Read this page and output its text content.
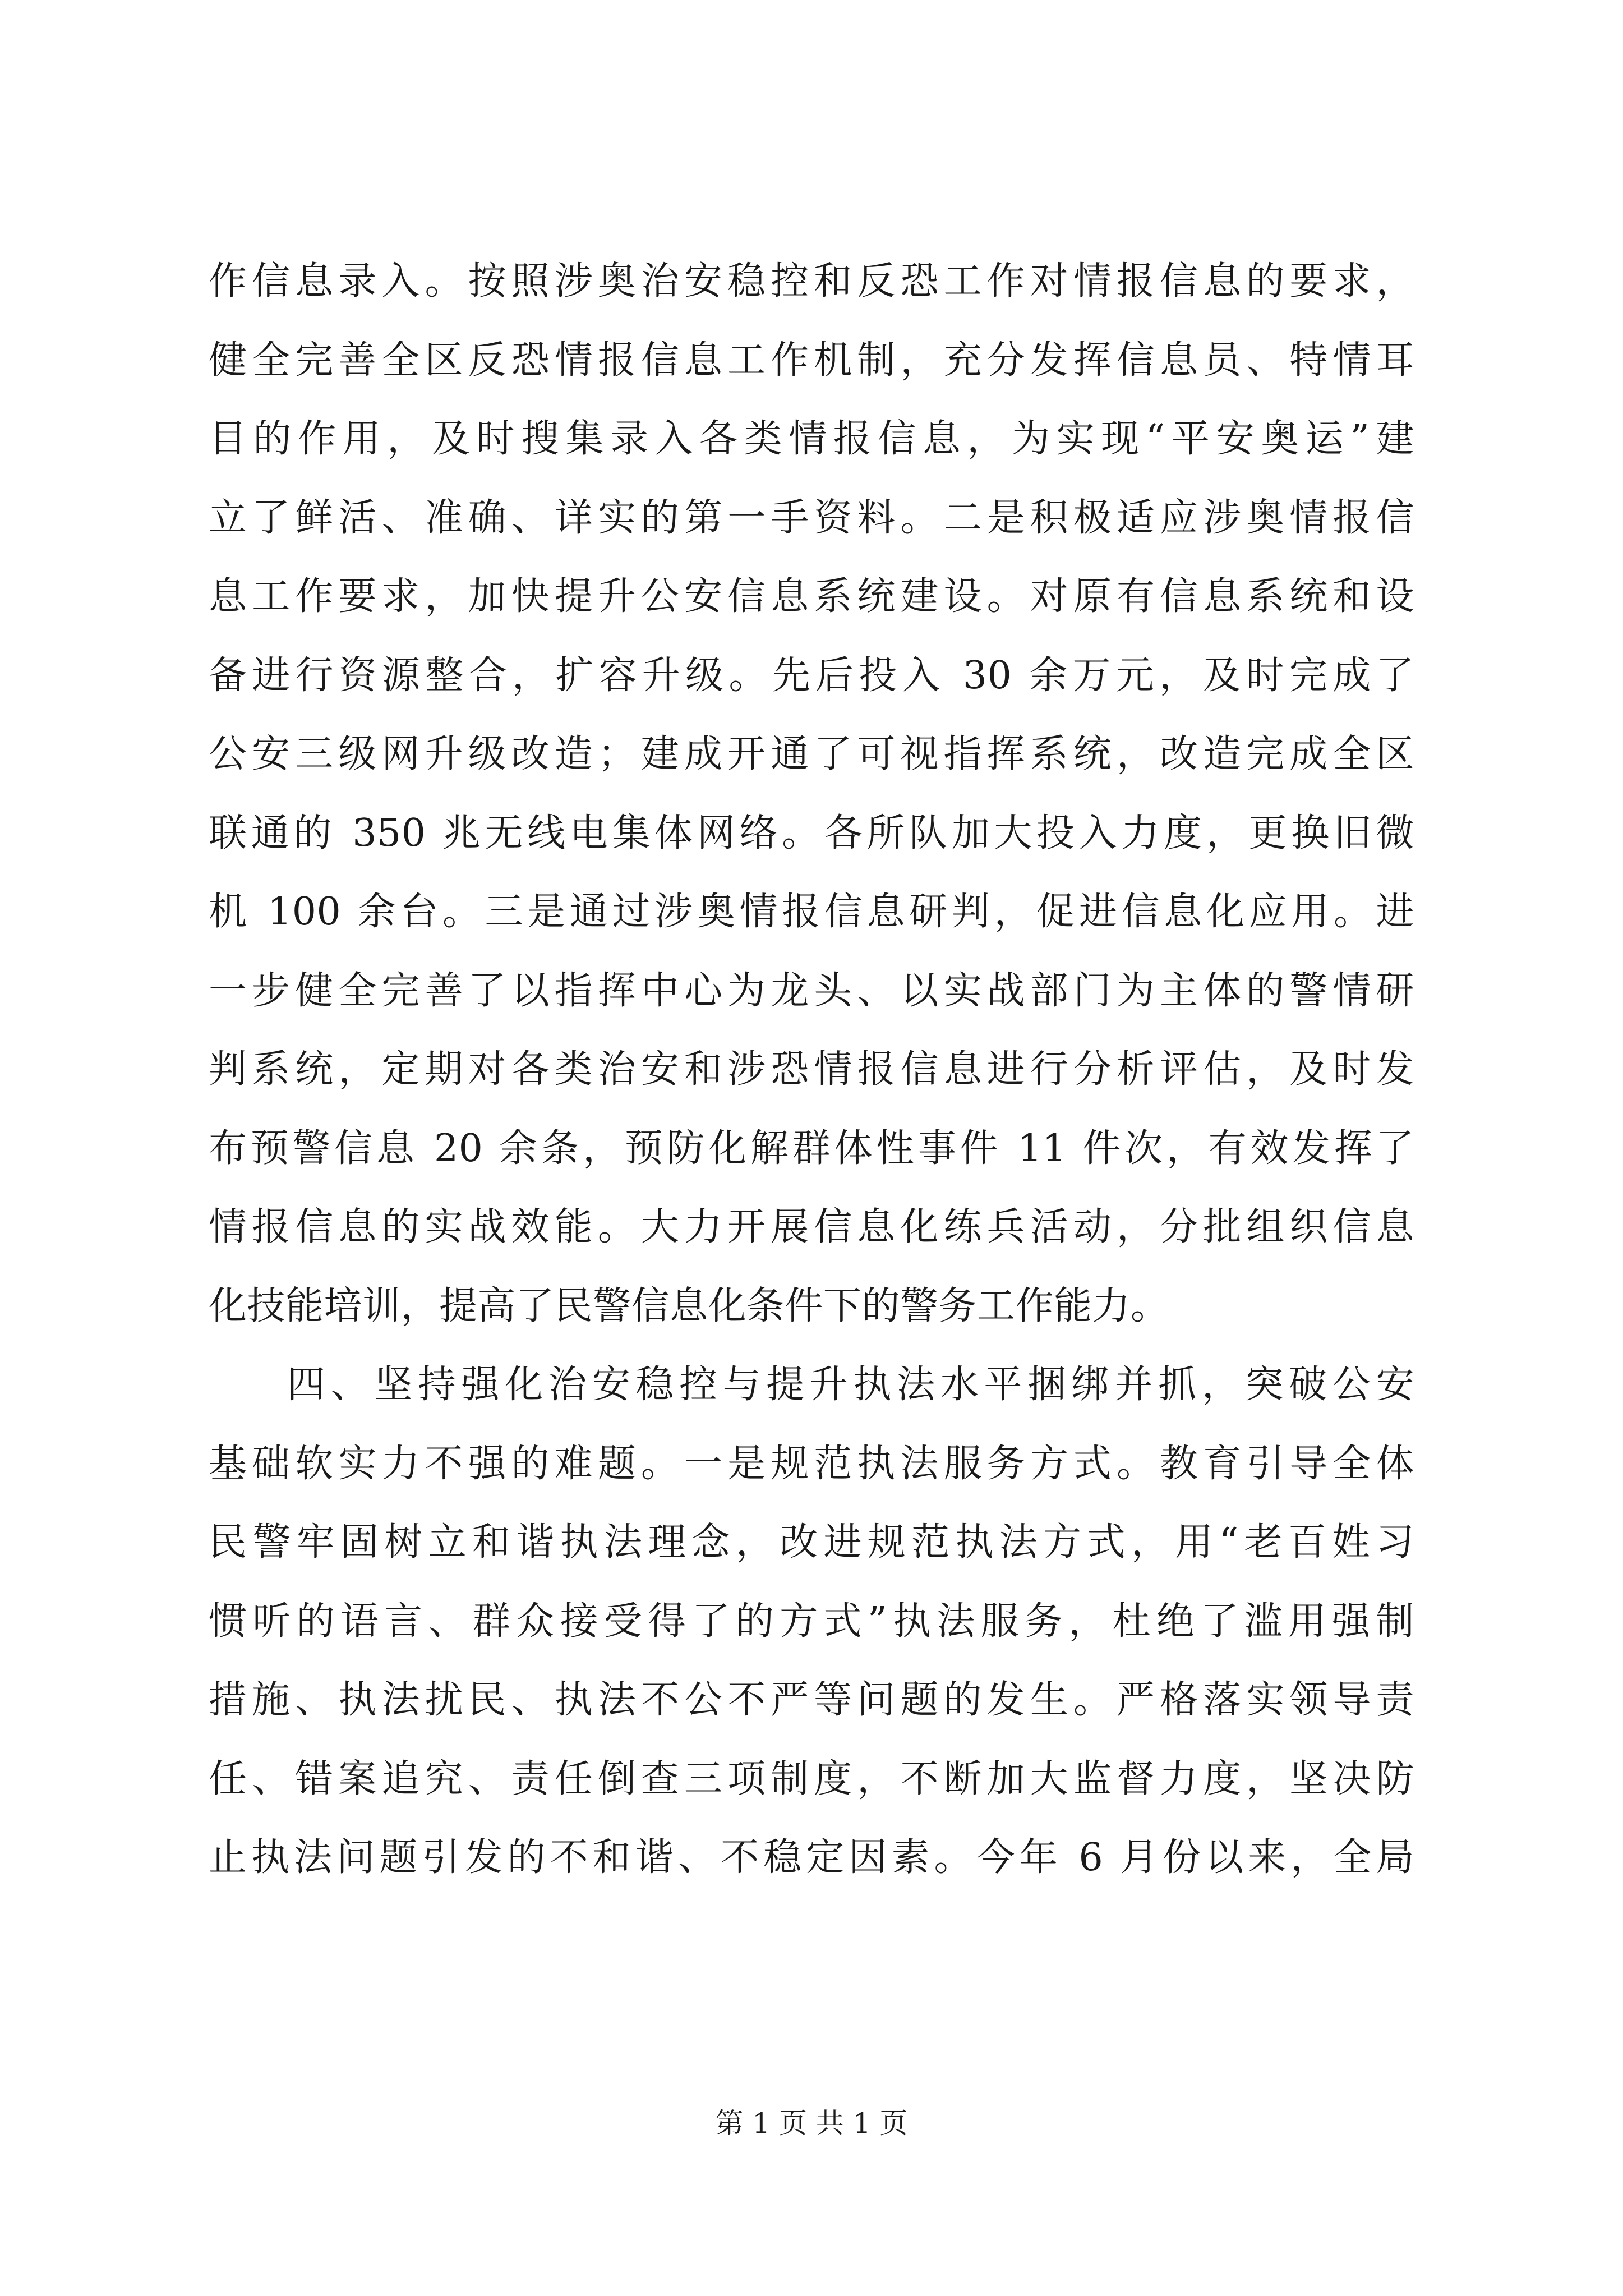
作信息录入。按照涉奥治安稳控和反恐工作对情报信息的要求，
健全完善全区反恐情报信息工作机制，充分发挥信息员、特情耳
目的作用，及时搜集录入各类情报信息，为实现“平安奥运”建
立了鲜活、准确、详实的第一手资料。二是积极适应涉奥情报信
息工作要求，加快提升公安信息系统建设。对原有信息系统和设
备进行资源整合，扩容升级。先后投入 30 余万元，及时完成了
公安三级网升级改造；建成开通了可视指挥系统，改造完成全区
联通的 350 兆无线电集体网络。各所队加大投入力度，更换旧微
机 100 余台。三是通过涉奥情报信息研判，促进信息化应用。进
一步健全完善了以指挥中心为龙头、以实战部门为主体的警情研
判系统，定期对各类治安和涉恐情报信息进行分析评估，及时发
布预警信息 20 余条，预防化解群体性事件 11 件次，有效发挥了
情报信息的实战效能。大力开展信息化练兵活动，分批组织信息
化技能培训，提高了民警信息化条件下的警务工作能力。
四、坚持强化治安稳控与提升执法水平捆绑并抓，突破公安
基础软实力不强的难题。一是规范执法服务方式。教育引导全体
民警牢固树立和谐执法理念，改进规范执法方式，用“老百姓习
惯听的语言、群众接受得了的方式”执法服务，杜绝了滥用强制
措施、执法扰民、执法不公不严等问题的发生。严格落实领导责
任、错案追究、责任倒查三项制度，不断加大监督力度，坚决防
止执法问题引发的不和谐、不稳定因素。今年 6 月份以来，全局
第 1 页 共 1 页
